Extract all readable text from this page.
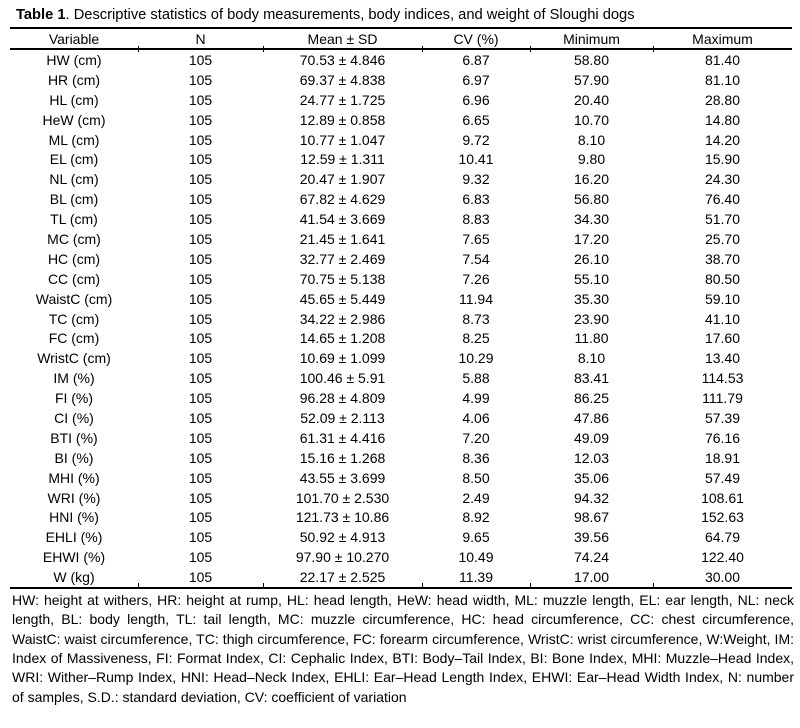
Table 1. Descriptive statistics of body measurements, body indices, and weight of Sloughi dogs
Variable	N	Mean ± SD	CV (%)	Minimum	Maximum
HW (cm)	105	70.53 ± 4.846	6.87	58.80	81.40
HR (cm)	105	69.37 ± 4.838	6.97	57.90	81.10
HL (cm)	105	24.77 ± 1.725	6.96	20.40	28.80
HeW (cm)	105	12.89 ± 0.858	6.65	10.70	14.80
ML (cm)	105	10.77 ± 1.047	9.72	8.10	14.20
EL (cm)	105	12.59 ± 1.311	10.41	9.80	15.90
NL (cm)	105	20.47 ± 1.907	9.32	16.20	24.30
BL (cm)	105	67.82 ± 4.629	6.83	56.80	76.40
TL (cm)	105	41.54 ± 3.669	8.83	34.30	51.70
MC (cm)	105	21.45 ± 1.641	7.65	17.20	25.70
HC (cm)	105	32.77 ± 2.469	7.54	26.10	38.70
CC (cm)	105	70.75 ± 5.138	7.26	55.10	80.50
WaistC (cm)	105	45.65 ± 5.449	11.94	35.30	59.10
TC (cm)	105	34.22 ± 2.986	8.73	23.90	41.10
FC (cm)	105	14.65 ± 1.208	8.25	11.80	17.60
WristC (cm)	105	10.69 ± 1.099	10.29	8.10	13.40
IM (%)	105	100.46 ± 5.91	5.88	83.41	114.53
FI (%)	105	96.28 ± 4.809	4.99	86.25	111.79
CI (%)	105	52.09 ± 2.113	4.06	47.86	57.39
BTI (%)	105	61.31 ± 4.416	7.20	49.09	76.16
BI (%)	105	15.16 ± 1.268	8.36	12.03	18.91
MHI (%)	105	43.55 ± 3.699	8.50	35.06	57.49
WRI (%)	105	101.70 ± 2.530	2.49	94.32	108.61
HNI (%)	105	121.73 ± 10.86	8.92	98.67	152.63
EHLI (%)	105	50.92 ± 4.913	9.65	39.56	64.79
EHWI (%)	105	97.90 ± 10.270	10.49	74.24	122.40
W (kg)	105	22.17 ± 2.525	11.39	17.00	30.00
HW: height at withers, HR: height at rump, HL: head length, HeW: head width, ML: muzzle length, EL: ear length, NL: neck length, BL: body length, TL: tail length, MC: muzzle circumference, HC: head circumference, CC: chest circumference, WaistC: waist circumference, TC: thigh circumference, FC: forearm circumference, WristC: wrist circumference, W:Weight, IM: Index of Massiveness, FI: Format Index, CI: Cephalic Index, BTI: Body–Tail Index, BI: Bone Index, MHI: Muzzle–Head Index, WRI: Wither–Rump Index, HNI: Head–Neck Index, EHLI: Ear–Head Length Index, EHWI: Ear–Head Width Index, N: number of samples, S.D.: standard deviation, CV: coefficient of variation
